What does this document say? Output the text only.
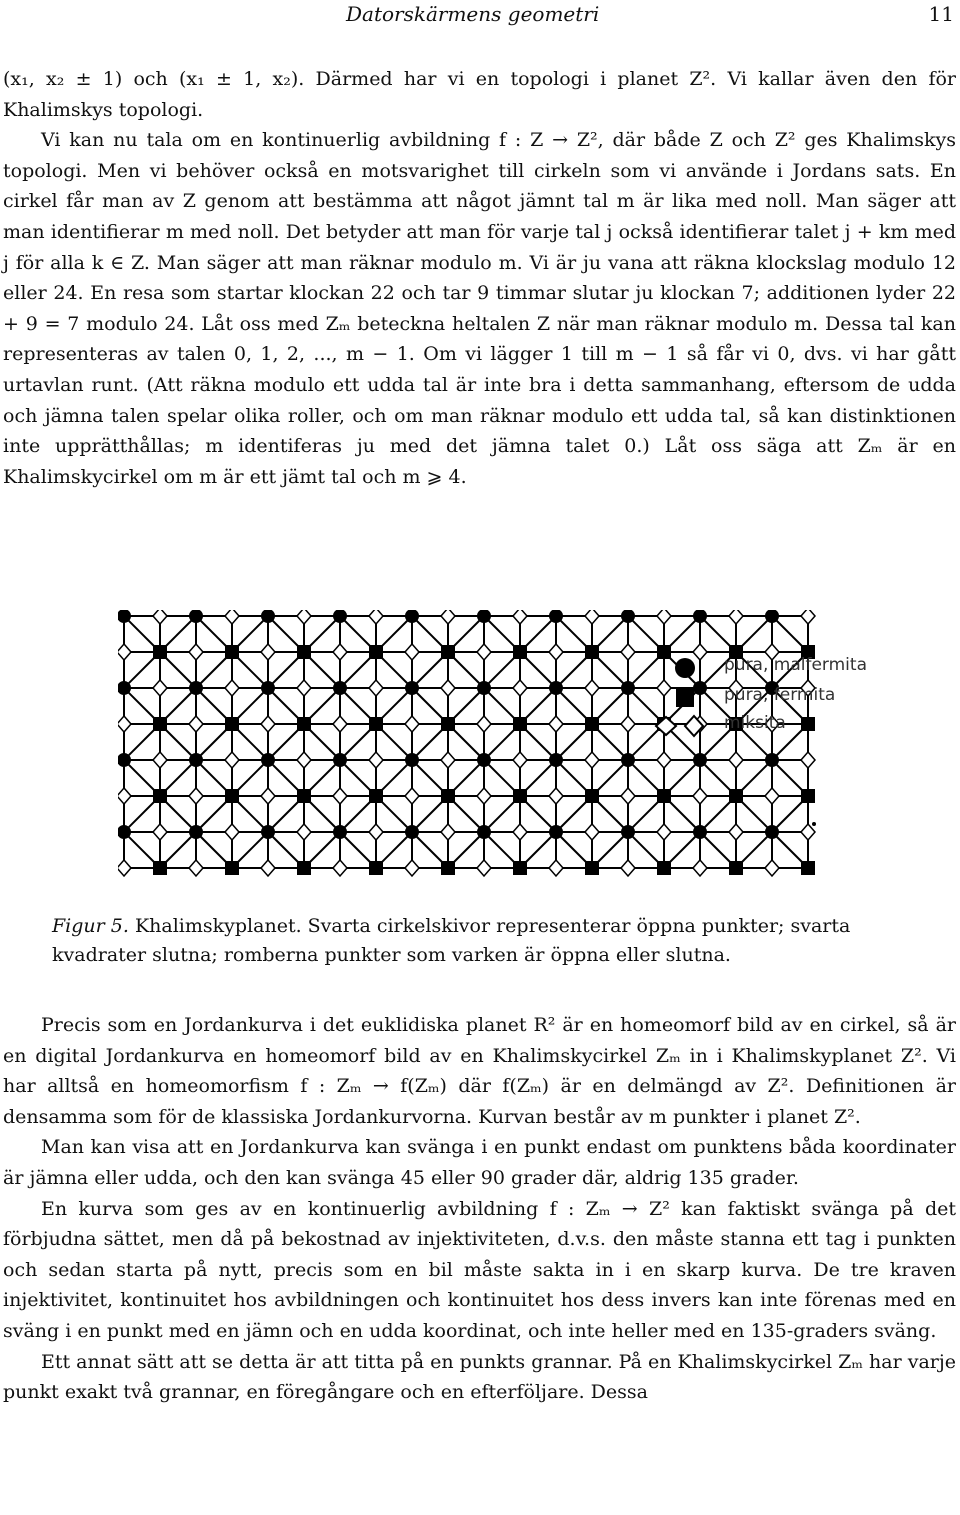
Datorskärmens geometri	11

(x₁, x₂ ± 1) och (x₁ ± 1, x₂). Därmed har vi en topologi i planet Z². Vi kallar även den för Khalimskys topologi.

Vi kan nu tala om en kontinuerlig avbildning f : Z → Z², där både Z och Z² ges Khalimskys topologi. Men vi behöver också en motsvarighet till cirkeln som vi använde i Jordans sats. En cirkel får man av Z genom att bestämma att något jämnt tal m är lika med noll. Man säger att man identifierar m med noll. Det betyder att man för varje tal j också identifierar talet j + km med j för alla k ∈ Z. Man säger att man räknar modulo m. Vi är ju vana att räkna klockslag modulo 12 eller 24. En resa som startar klockan 22 och tar 9 timmar slutar ju klockan 7; additionen lyder 22 + 9 = 7 modulo 24. Låt oss med Zₘ beteckna heltalen Z när man räknar modulo m. Dessa tal kan representeras av talen 0, 1, 2, ..., m − 1. Om vi lägger 1 till m − 1 så får vi 0, dvs. vi har gått urtavlan runt. (Att räkna modulo ett udda tal är inte bra i detta sammanhang, eftersom de udda och jämna talen spelar olika roller, och om man räknar modulo ett udda tal, så kan distinktionen inte upprätthållas; m identiferas ju med det jämna talet 0.) Låt oss säga att Zₘ är en Khalimskycirkel om m är ett jämt tal och m ⩾ 4.

pura, malfermita
pura, fermita
miksita
Figur 5. Khalimskyplanet. Svarta cirkelskivor representerar öppna punkter; svarta kvadrater slutna; romberna punkter som varken är öppna eller slutna.

Precis som en Jordankurva i det euklidiska planet R² är en homeomorf bild av en cirkel, så är en digital Jordankurva en homeomorf bild av en Khalimskycirkel Zₘ in i Khalimskyplanet Z². Vi har alltså en homeomorfism f : Zₘ → f(Zₘ) där f(Zₘ) är en delmängd av Z². Definitionen är densamma som för de klassiska Jordankurvorna. Kurvan består av m punkter i planet Z².

Man kan visa att en Jordankurva kan svänga i en punkt endast om punktens båda koordinater är jämna eller udda, och den kan svänga 45 eller 90 grader där, aldrig 135 grader.

En kurva som ges av en kontinuerlig avbildning f : Zₘ → Z² kan faktiskt svänga på det förbjudna sättet, men då på bekostnad av injektiviteten, d.v.s. den måste stanna ett tag i punkten och sedan starta på nytt, precis som en bil måste sakta in i en skarp kurva. De tre kraven injektivitet, kontinuitet hos avbildningen och kontinuitet hos dess invers kan inte förenas med en sväng i en punkt med en jämn och en udda koordinat, och inte heller med en 135-graders sväng.

Ett annat sätt att se detta är att titta på en punkts grannar. På en Khalimskycirkel Zₘ har varje punkt exakt två grannar, en föregångare och en efterföljare. Dessa
